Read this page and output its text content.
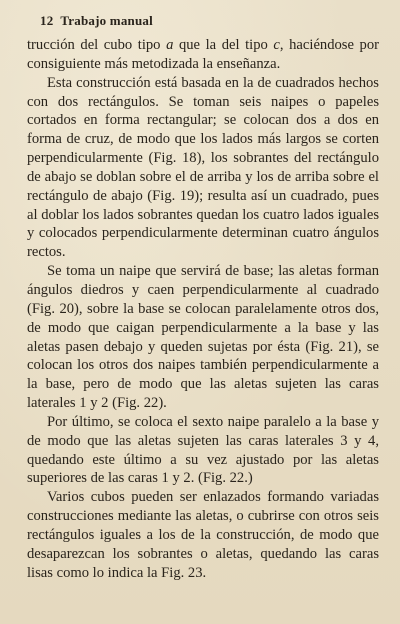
12 Trabajo manual

trucción del cubo tipo a que la del tipo c, haciéndose por consiguiente más metodizada la enseñanza.

Esta construcción está basada en la de cuadrados hechos con dos rectángulos. Se toman seis naipes o papeles cortados en forma rectangular; se colocan dos a dos en forma de cruz, de modo que los lados más largos se corten perpendicularmente (Fig. 18), los sobrantes del rectángulo de abajo se doblan sobre el de arriba y los de arriba sobre el rectángulo de abajo (Fig. 19); resulta así un cuadrado, pues al doblar los lados sobrantes quedan los cuatro lados iguales y colocados perpendicularmente determinan cuatro ángulos rectos.

Se toma un naipe que servirá de base; las aletas forman ángulos diedros y caen perpendicularmente al cuadrado (Fig. 20), sobre la base se colocan paralelamente otros dos, de modo que caigan perpendicularmente a la base y las aletas pasen debajo y queden sujetas por ésta (Fig. 21), se colocan los otros dos naipes también perpendicularmente a la base, pero de modo que las aletas sujeten las caras laterales 1 y 2 (Fig. 22).

Por último, se coloca el sexto naipe paralelo a la base y de modo que las aletas sujeten las caras laterales 3 y 4, quedando este último a su vez ajustado por las aletas superiores de las caras 1 y 2. (Fig. 22.)

Varios cubos pueden ser enlazados formando variadas construcciones mediante las aletas, o cubrirse con otros seis rectángulos iguales a los de la construcción, de modo que desaparezcan los sobrantes o aletas, quedando las caras lisas como lo indica la Fig. 23.
